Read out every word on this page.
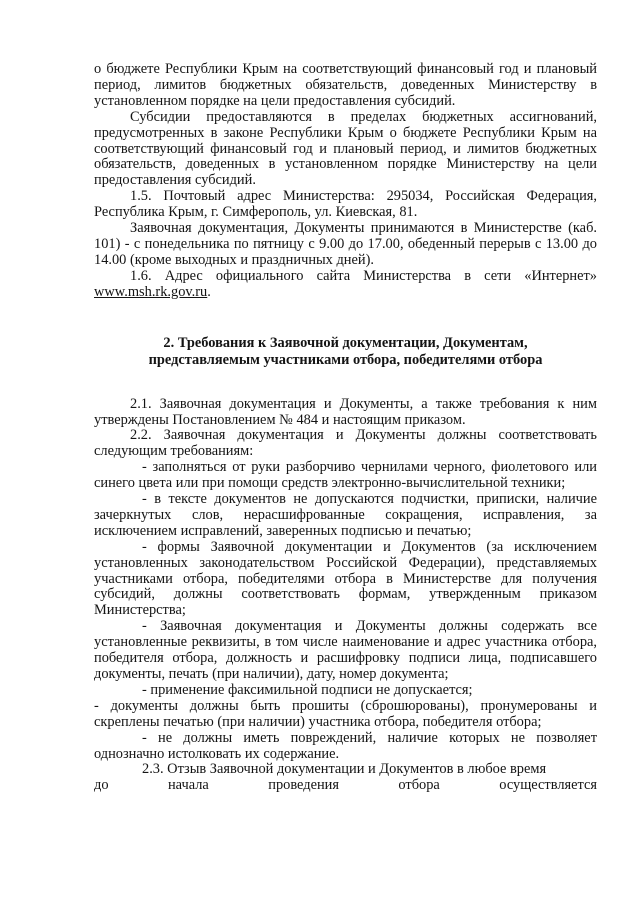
о бюджете Республики Крым на соответствующий финансовый год и плановый период, лимитов бюджетных обязательств, доведенных Министерству в установленном порядке на цели предоставления субсидий.

Субсидии предоставляются в пределах бюджетных ассигнований, предусмотренных в законе Республики Крым о бюджете Республики Крым на соответствующий финансовый год и плановый период, и лимитов бюджетных обязательств, доведенных в установленном порядке Министерству на цели предоставления субсидий.

1.5. Почтовый адрес Министерства: 295034, Российская Федерация, Республика Крым, г. Симферополь, ул. Киевская, 81.

Заявочная документация, Документы принимаются в Министерстве (каб. 101) - с понедельника по пятницу с 9.00 до 17.00, обеденный перерыв с 13.00 до 14.00 (кроме выходных и праздничных дней).

1.6. Адрес официального сайта Министерства в сети «Интернет» www.msh.rk.gov.ru.

2. Требования к Заявочной документации, Документам,
представляемым участниками отбора, победителями отбора

2.1. Заявочная документация и Документы, а также требования к ним утверждены Постановлением № 484 и настоящим приказом.

2.2. Заявочная документация и Документы должны соответствовать следующим требованиям:

- заполняться от руки разборчиво чернилами черного, фиолетового или синего цвета или при помощи средств электронно-вычислительной техники;

- в тексте документов не допускаются подчистки, приписки, наличие зачеркнутых слов, нерасшифрованные сокращения, исправления, за исключением исправлений, заверенных подписью и печатью;

- формы Заявочной документации и Документов (за исключением установленных законодательством Российской Федерации), представляемых участниками отбора, победителями отбора в Министерстве для получения субсидий, должны соответствовать формам, утвержденным приказом Министерства;

- Заявочная документация и Документы должны содержать все установленные реквизиты, в том числе наименование и адрес участника отбора, победителя отбора, должность и расшифровку подписи лица, подписавшего документы, печать (при наличии), дату, номер документа;

- применение факсимильной подписи не допускается;

- документы должны быть прошиты (сброшюрованы), пронумерованы и скреплены печатью (при наличии) участника отбора, победителя отбора;

- не должны иметь повреждений, наличие которых не позволяет однозначно истолковать их содержание.

2.3. Отзыв Заявочной документации и Документов в любое время

до	начала	проведения	отбора	осуществляется
